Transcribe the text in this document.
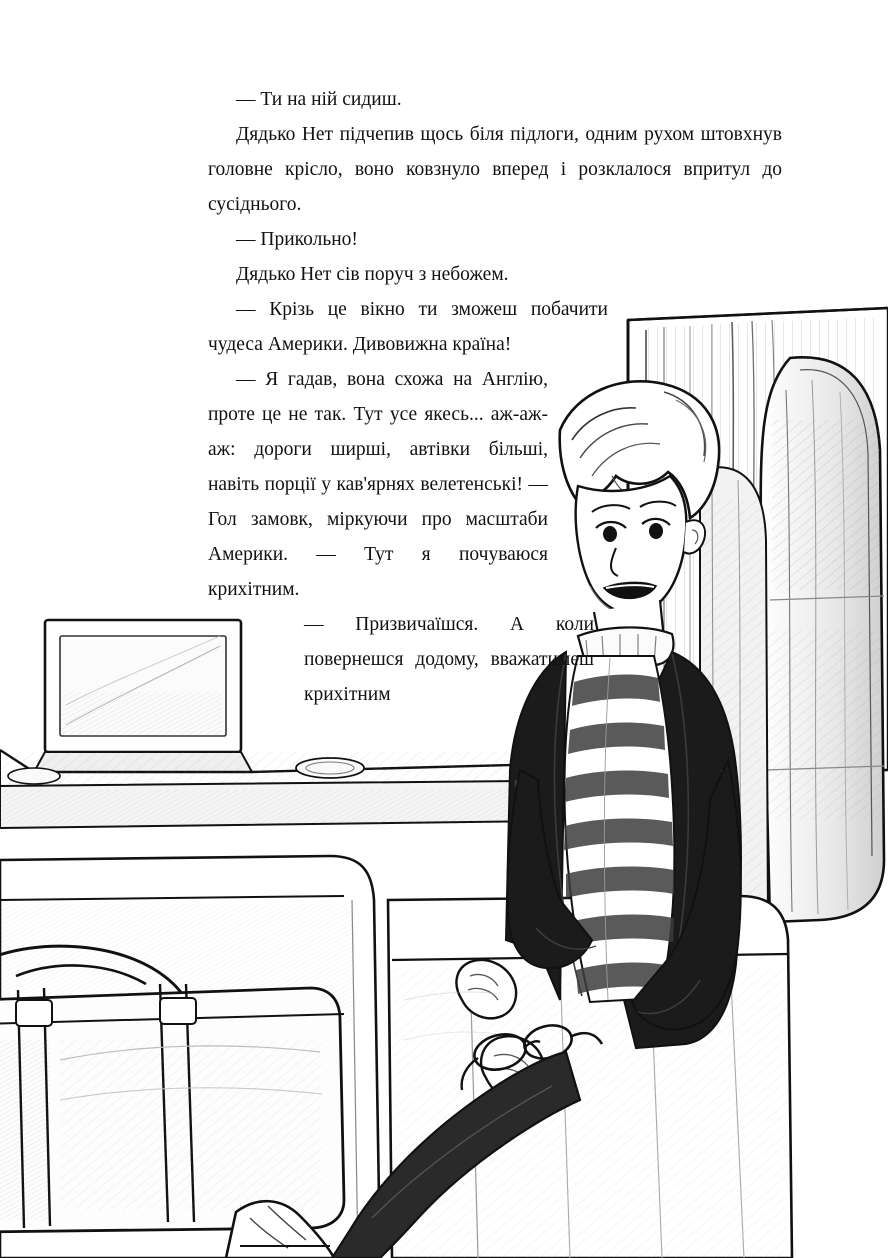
— Ти на ній сидиш.

Дядько Нет підчепив щось біля підлоги, одним рухом штовхнув головне крісло, воно ковзнуло вперед і розклалося впритул до сусіднього.

— Прикольно!

Дядько Нет сів поруч з небожем.

— Крізь це вікно ти зможеш побачити чудеса Америки. Дивовижна країна!

— Я гадав, вона схожа на Англію, проте це не так. Тут усе якесь... аж-аж-аж: дороги ширші, автівки більші, навіть порції у кав'ярнях велетенські! — Гол замовк, міркуючи про масштаби Америки. — Тут я почуваюся крихітним.

— Призвичаїшся. А коли повернешся додому, вважатимеш крихітним
